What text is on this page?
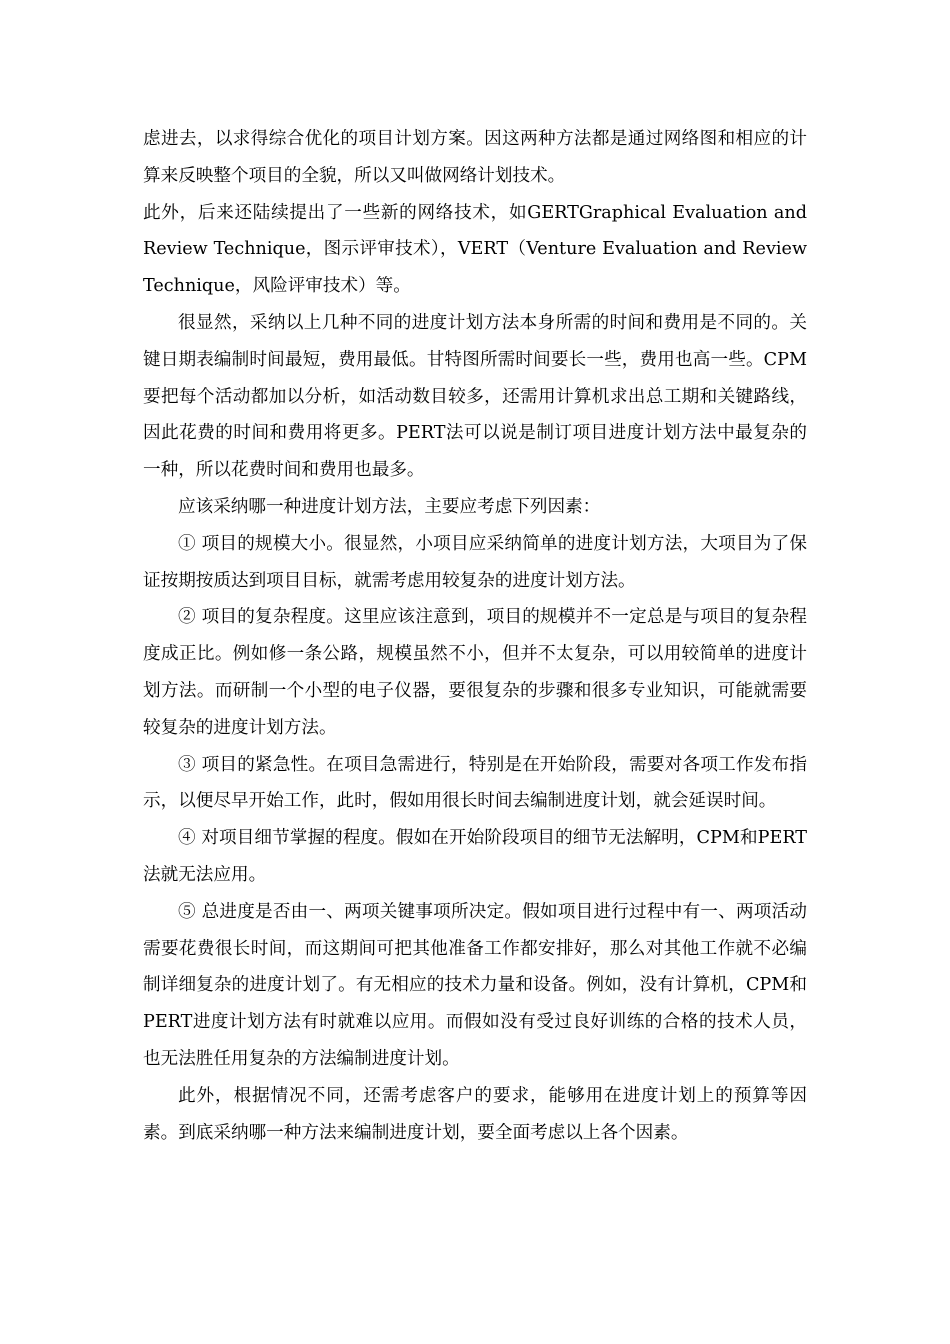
虑进去，以求得综合优化的项目计划方案。因这两种方法都是通过网络图和相应的计算来反映整个项目的全貌，所以又叫做网络计划技术。

此外，后来还陆续提出了一些新的网络技术，如GERTGraphical Evaluation and Review Technique，图示评审技术），VERT（Venture Evaluation and Review Technique，风险评审技术）等。

很显然，采纳以上几种不同的进度计划方法本身所需的时间和费用是不同的。关键日期表编制时间最短，费用最低。甘特图所需时间要长一些，费用也高一些。CPM要把每个活动都加以分析，如活动数目较多，还需用计算机求出总工期和关键路线，因此花费的时间和费用将更多。PERT法可以说是制订项目进度计划方法中最复杂的一种，所以花费时间和费用也最多。

应该采纳哪一种进度计划方法，主要应考虑下列因素：

① 项目的规模大小。很显然，小项目应采纳简单的进度计划方法，大项目为了保证按期按质达到项目目标，就需考虑用较复杂的进度计划方法。

② 项目的复杂程度。这里应该注意到，项目的规模并不一定总是与项目的复杂程度成正比。例如修一条公路，规模虽然不小，但并不太复杂，可以用较简单的进度计划方法。而研制一个小型的电子仪器，要很复杂的步骤和很多专业知识，可能就需要较复杂的进度计划方法。

③ 项目的紧急性。在项目急需进行，特别是在开始阶段，需要对各项工作发布指示，以便尽早开始工作，此时，假如用很长时间去编制进度计划，就会延误时间。

④ 对项目细节掌握的程度。假如在开始阶段项目的细节无法解明，CPM和PERT法就无法应用。

⑤ 总进度是否由一、两项关键事项所决定。假如项目进行过程中有一、两项活动需要花费很长时间，而这期间可把其他准备工作都安排好，那么对其他工作就不必编制详细复杂的进度计划了。有无相应的技术力量和设备。例如，没有计算机，CPM和PERT进度计划方法有时就难以应用。而假如没有受过良好训练的合格的技术人员，也无法胜任用复杂的方法编制进度计划。

此外，根据情况不同，还需考虑客户的要求，能够用在进度计划上的预算等因素。到底采纳哪一种方法来编制进度计划，要全面考虑以上各个因素。
